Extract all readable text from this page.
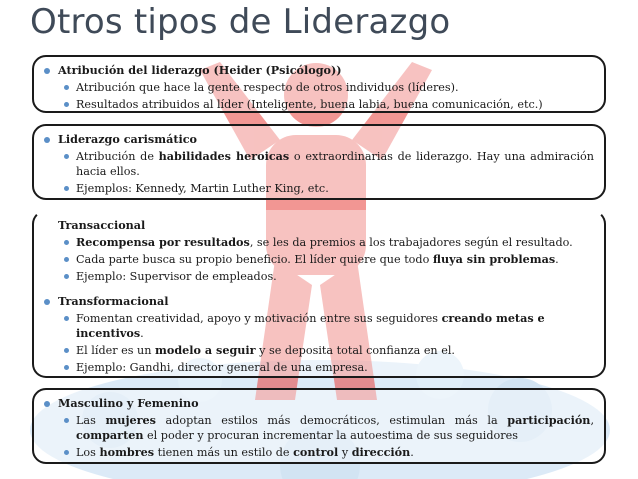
Otros tipos de Liderazgo
Atribución del liderazgo (Heider (Psicólogo))
Atribución que hace la gente respecto de otros individuos (líderes).
Resultados atribuidos al líder (Inteligente, buena labia, buena comunicación, etc.)
Liderazgo carismático
Atribución de habilidades heroicas o extraordinarias de liderazgo. Hay una admiración hacia ellos.
Ejemplos: Kennedy, Martin Luther King, etc.
Transaccional
Recompensa por resultados, se les da premios a los trabajadores según el resultado.
Cada parte busca su propio beneficio. El líder quiere que todo fluya sin problemas.
Ejemplo: Supervisor de empleados.
Transformacional
Fomentan creatividad, apoyo y motivación entre sus seguidores creando metas e incentivos.
El líder es un modelo a seguir y se deposita total confianza en el.
Ejemplo: Gandhi, director general de una empresa.
Masculino y Femenino
Las mujeres adoptan estilos más democráticos, estimulan más la participación, comparten el poder y procuran incrementar la autoestima de sus seguidores
Los hombres tienen más un estilo de control y dirección.
